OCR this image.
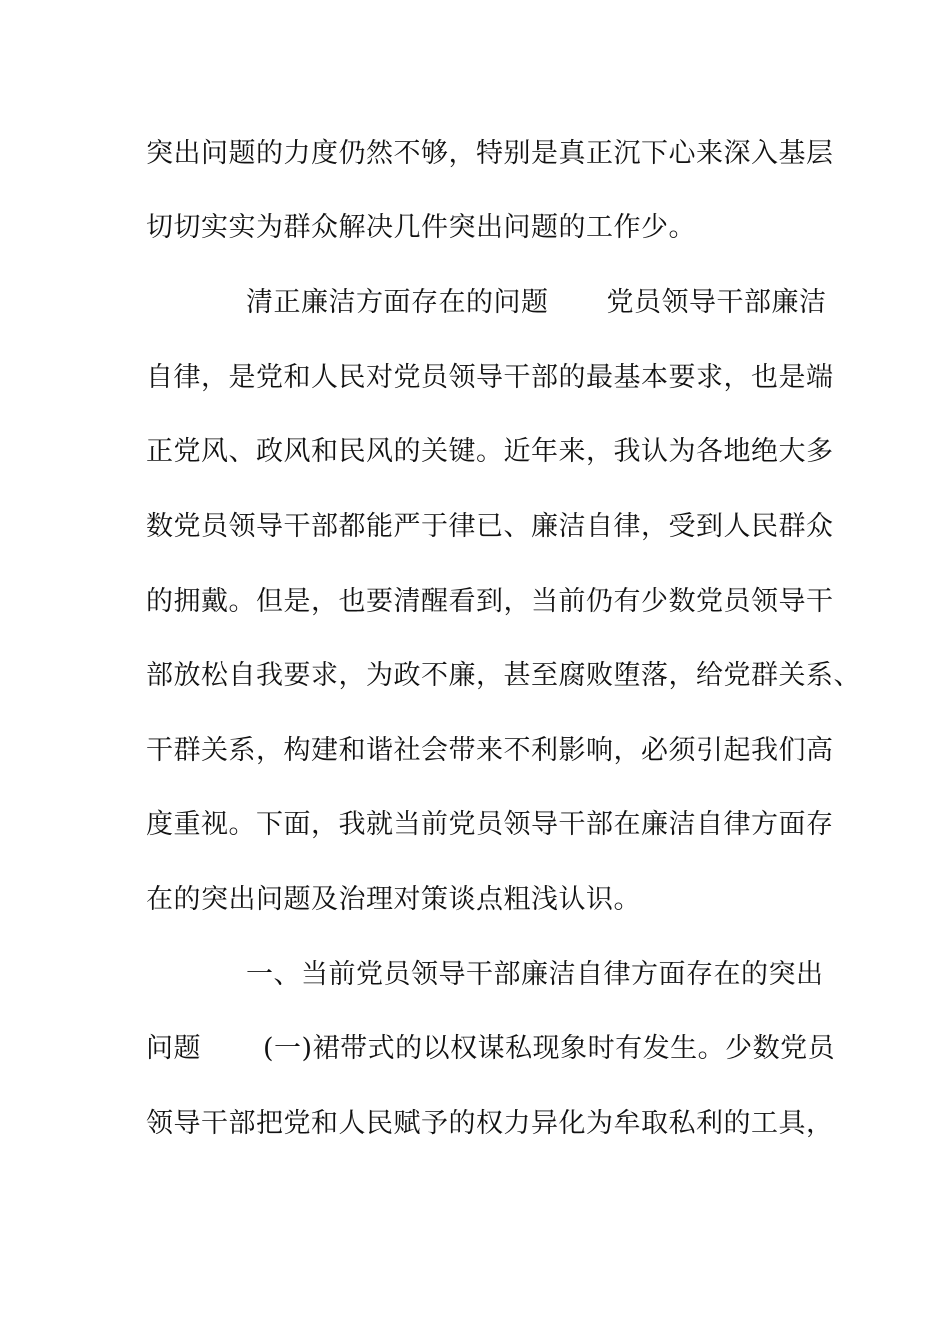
突出问题的力度仍然不够，特别是真正沉下心来深入基层

切切实实为群众解决几件突出问题的工作少。

清正廉洁方面存在的问题 党员领导干部廉洁

自律，是党和人民对党员领导干部的最基本要求，也是端

正党风、政风和民风的关键。近年来，我认为各地绝大多

数党员领导干部都能严于律已、廉洁自律，受到人民群众

的拥戴。但是，也要清醒看到，当前仍有少数党员领导干

部放松自我要求，为政不廉，甚至腐败堕落，给党群关系、

干群关系，构建和谐社会带来不利影响，必须引起我们高

度重视。下面，我就当前党员领导干部在廉洁自律方面存

在的突出问题及治理对策谈点粗浅认识。

一、当前党员领导干部廉洁自律方面存在的突出

问题 (一)裙带式的以权谋私现象时有发生。少数党员

领导干部把党和人民赋予的权力异化为牟取私利的工具，
